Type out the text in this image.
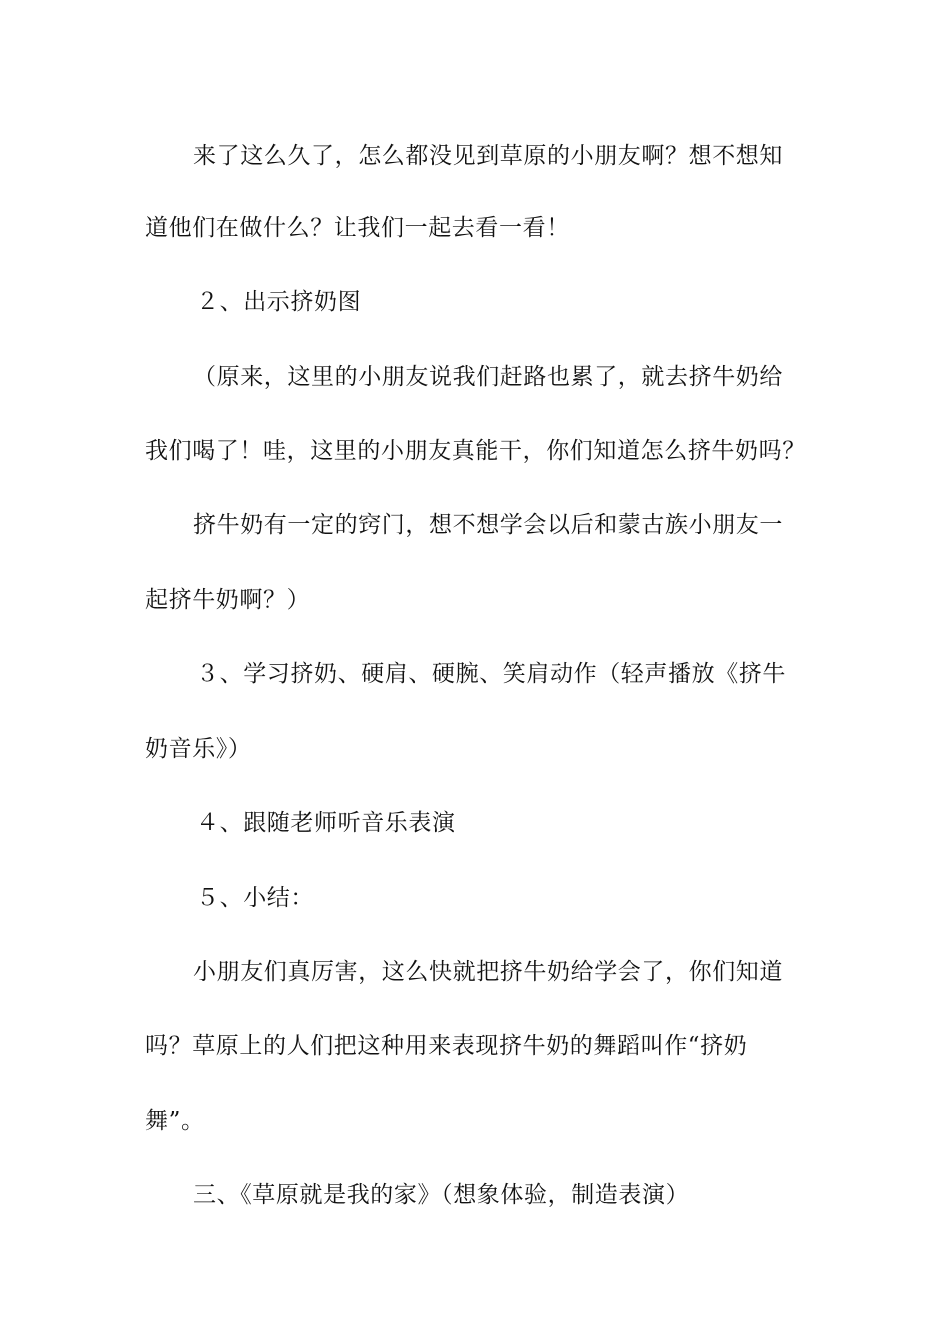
来了这么久了，怎么都没见到草原的小朋友啊？想不想知
道他们在做什么？让我们一起去看一看！
２、出示挤奶图
（原来，这里的小朋友说我们赶路也累了，就去挤牛奶给
我们喝了！哇，这里的小朋友真能干，你们知道怎么挤牛奶吗？
挤牛奶有一定的窍门，想不想学会以后和蒙古族小朋友一
起挤牛奶啊？）
３、学习挤奶、硬肩、硬腕、笑肩动作（轻声播放《挤牛
奶音乐》）
４、跟随老师听音乐表演
５、小结：
小朋友们真厉害，这么快就把挤牛奶给学会了，你们知道
吗？草原上的人们把这种用来表现挤牛奶的舞蹈叫作“挤奶
舞”。
三、《草原就是我的家》（想象体验，制造表演）
